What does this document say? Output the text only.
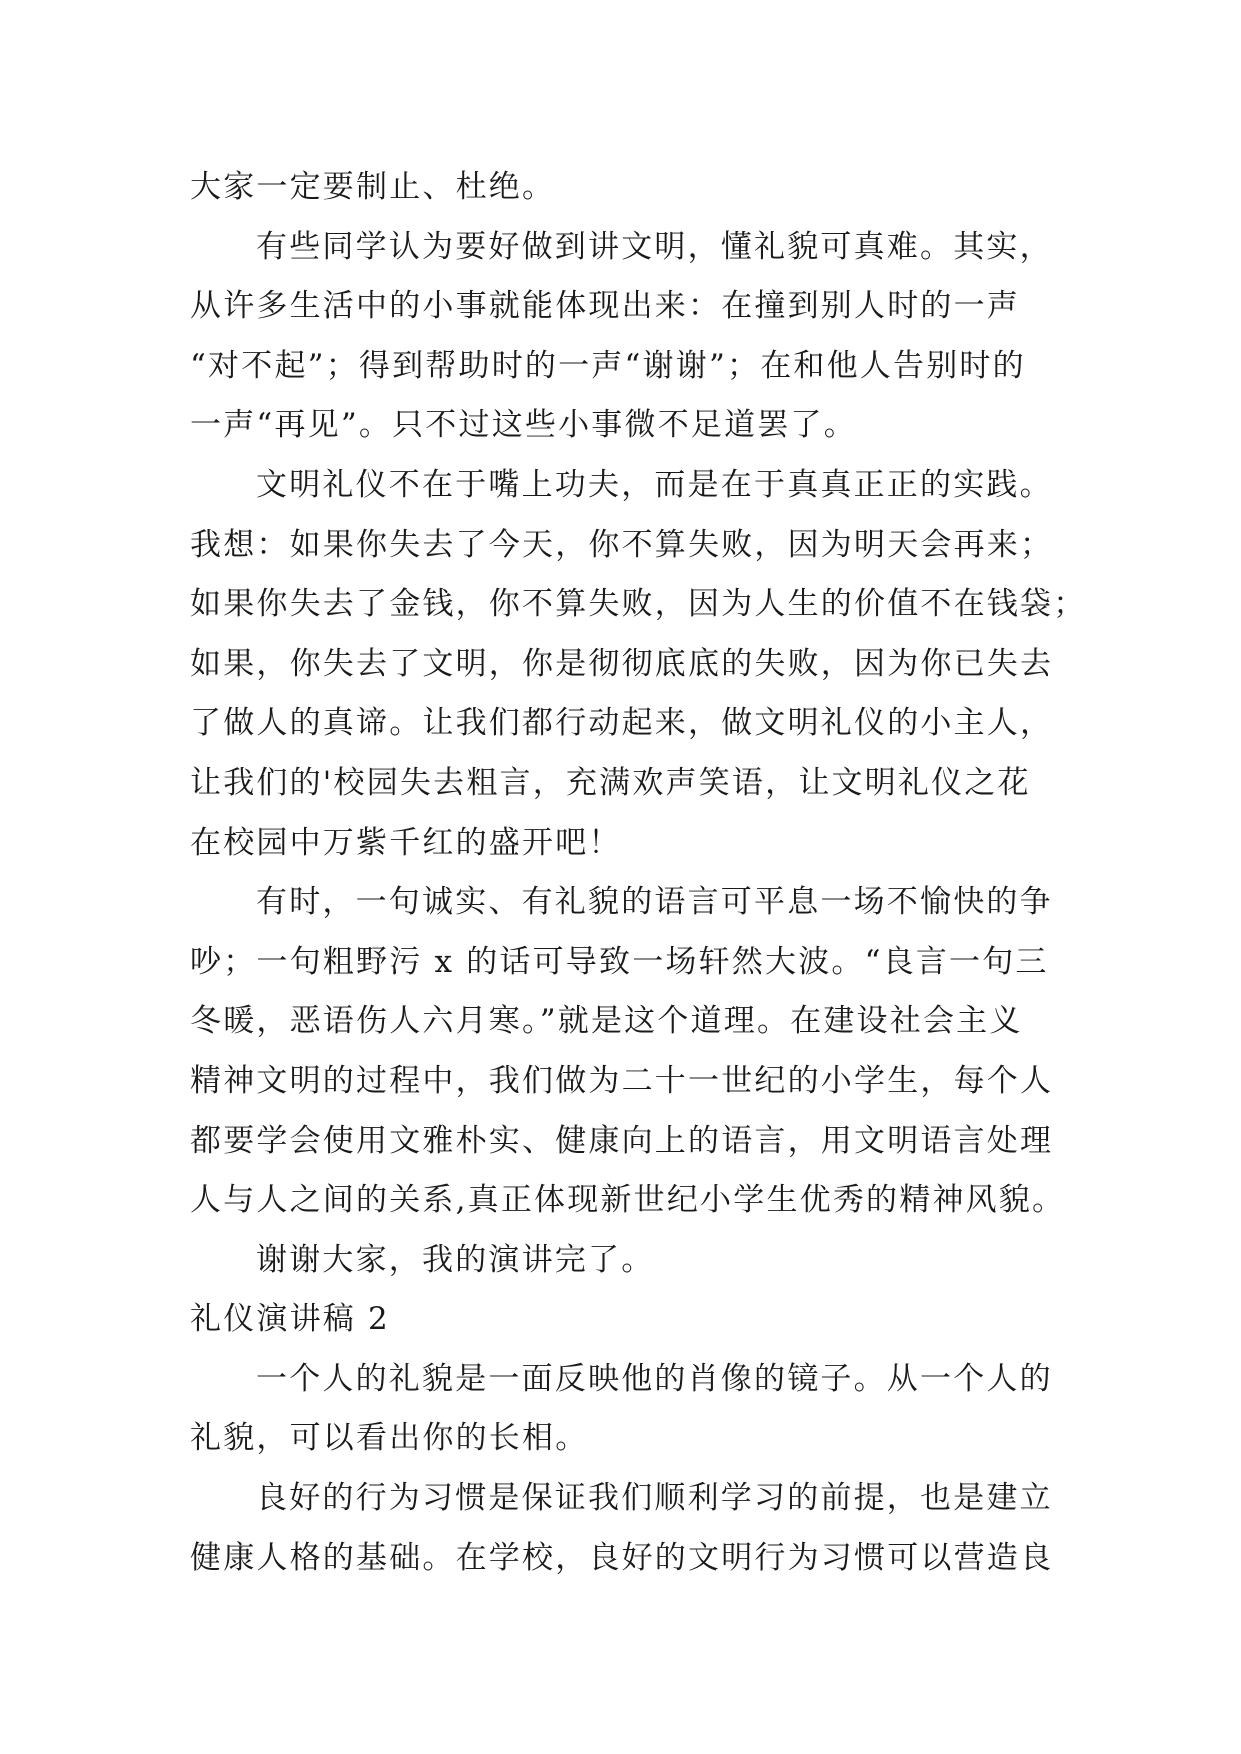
大家一定要制止、杜绝。
有些同学认为要好做到讲文明，懂礼貌可真难。其实，
从许多生活中的小事就能体现出来：在撞到别人时的一声
“对不起”；得到帮助时的一声“谢谢”；在和他人告别时的
一声“再见”。只不过这些小事微不足道罢了。
文明礼仪不在于嘴上功夫，而是在于真真正正的实践。
我想：如果你失去了今天，你不算失败，因为明天会再来；
如果你失去了金钱，你不算失败，因为人生的价值不在钱袋；
如果，你失去了文明，你是彻彻底底的失败，因为你已失去
了做人的真谛。让我们都行动起来，做文明礼仪的小主人，
让我们的'校园失去粗言，充满欢声笑语，让文明礼仪之花
在校园中万紫千红的盛开吧！
有时，一句诚实、有礼貌的语言可平息一场不愉快的争
吵；一句粗野污 x 的话可导致一场轩然大波。“良言一句三
冬暖，恶语伤人六月寒。”就是这个道理。在建设社会主义
精神文明的过程中，我们做为二十一世纪的小学生，每个人
都要学会使用文雅朴实、健康向上的语言，用文明语言处理
人与人之间的关系,真正体现新世纪小学生优秀的精神风貌。
谢谢大家，我的演讲完了。
礼仪演讲稿 2
一个人的礼貌是一面反映他的肖像的镜子。从一个人的
礼貌，可以看出你的长相。
良好的行为习惯是保证我们顺利学习的前提，也是建立
健康人格的基础。在学校，良好的文明行为习惯可以营造良
